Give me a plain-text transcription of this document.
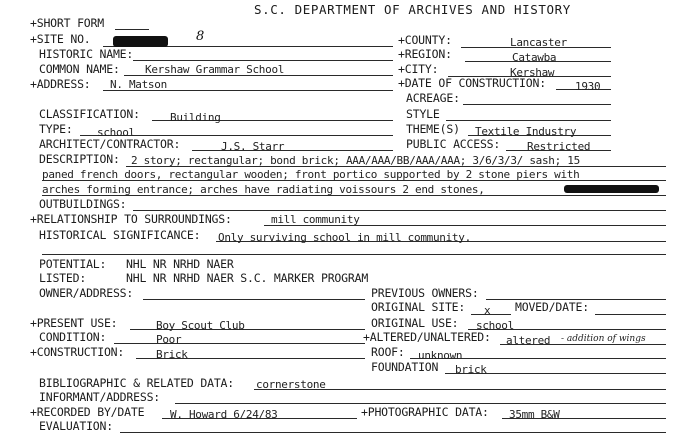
S.C. DEPARTMENT OF ARCHIVES AND HISTORY
+SHORT FORM
+SITE NO.	8	+COUNTY:	Lancaster
HISTORIC NAME:	+REGION:	Catawba
COMMON NAME: Kershaw Grammar School	+CITY:	Kershaw
+ADDRESS: N. Matson	+DATE OF CONSTRUCTION:	1930
ACREAGE:
CLASSIFICATION:	Building	STYLE
TYPE: school	THEME(S) Textile Industry
ARCHITECT/CONTRACTOR:	J.S. Starr	PUBLIC ACCESS: Restricted
DESCRIPTION: 2 story; rectangular; bond brick; AAA/AAA/BB/AAA/AAA; 3/6/3/3/ sash; 15
paned french doors, rectangular wooden; front portico supported by 2 stone piers with
arches forming entrance; arches have radiating voissours 2 end stones,
OUTBUILDINGS:
+RELATIONSHIP TO SURROUNDINGS:	mill community
HISTORICAL SIGNIFICANCE: Only surviving school in mill community.
POTENTIAL: NHL NR NRHD NAER
LISTED:	NHL NR NRHD NAER S.C. MARKER PROGRAM
OWNER/ADDRESS:	PREVIOUS OWNERS:
ORIGINAL SITE: x MOVED/DATE:
+PRESENT USE:	Boy Scout Club	ORIGINAL USE: school
CONDITION:	Poor	+ALTERED/UNALTERED: altered - addition of wings
+CONSTRUCTION:	Brick	ROOF: unknown
FOUNDATION brick
BIBLIOGRAPHIC & RELATED DATA: cornerstone
INFORMANT/ADDRESS:
+RECORDED BY/DATE W. Howard 6/24/83	+PHOTOGRAPHIC DATA: 35mm B&W
EVALUATION:
